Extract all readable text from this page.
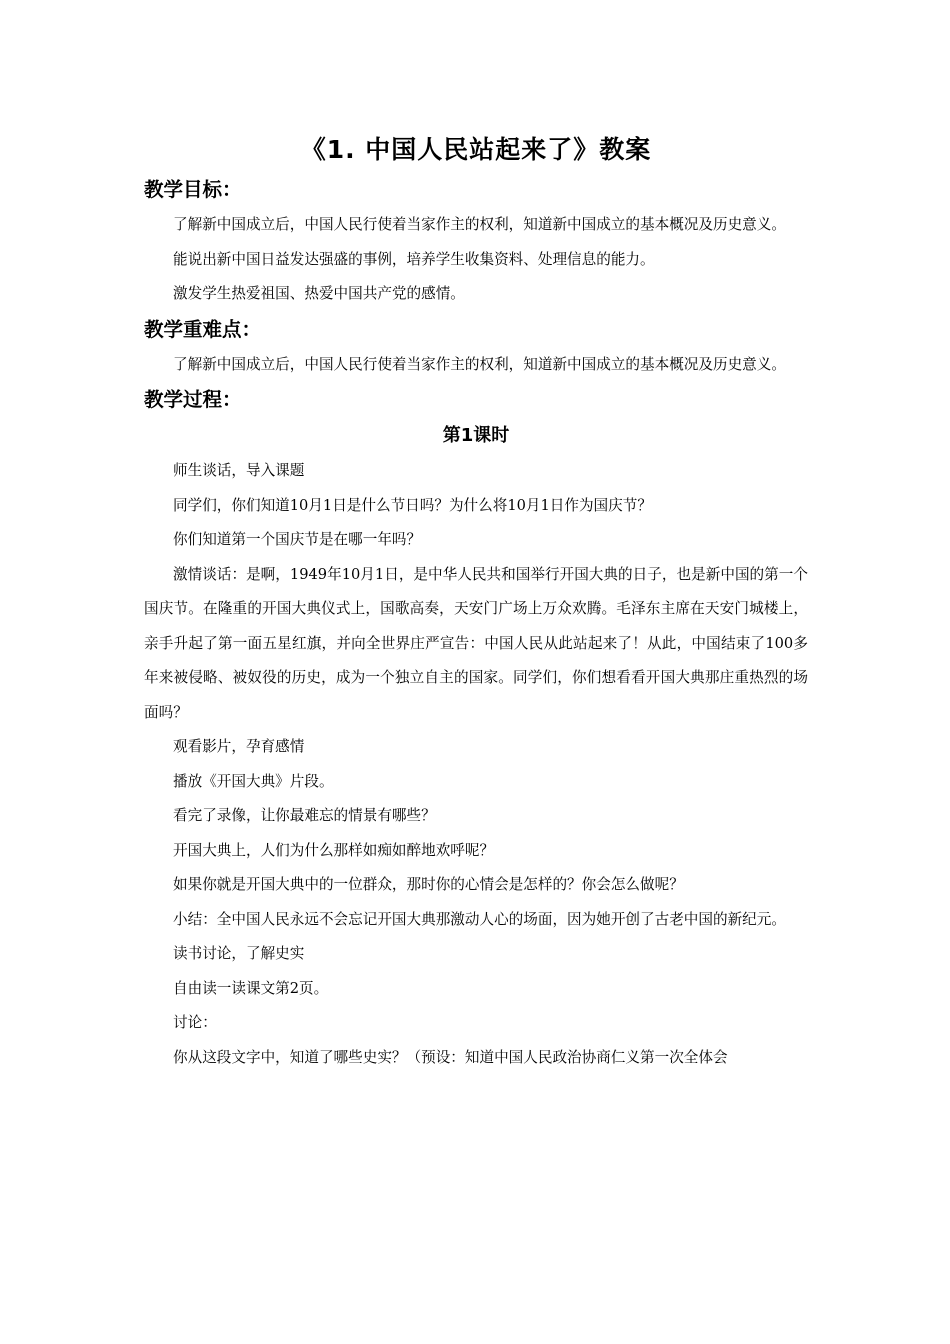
《1. 中国人民站起来了》教案
教学目标：

了解新中国成立后，中国人民行使着当家作主的权利，知道新中国成立的基本概况及历史意义。

能说出新中国日益发达强盛的事例，培养学生收集资料、处理信息的能力。

激发学生热爱祖国、热爱中国共产党的感情。

教学重难点：

了解新中国成立后，中国人民行使着当家作主的权利，知道新中国成立的基本概况及历史意义。

教学过程：
第1课时

师生谈话，导入课题

同学们，你们知道10月1日是什么节日吗？为什么将10月1日作为国庆节？

你们知道第一个国庆节是在哪一年吗？

激情谈话：是啊，1949年10月1日，是中华人民共和国举行开国大典的日子，也是新中国的第一个国庆节。在隆重的开国大典仪式上，国歌高奏，天安门广场上万众欢腾。毛泽东主席在天安门城楼上，亲手升起了第一面五星红旗，并向全世界庄严宣告：中国人民从此站起来了！从此，中国结束了100多年来被侵略、被奴役的历史，成为一个独立自主的国家。同学们，你们想看看开国大典那庄重热烈的场面吗？

观看影片，孕育感情

播放《开国大典》片段。

看完了录像，让你最难忘的情景有哪些？

开国大典上，人们为什么那样如痴如醉地欢呼呢？

如果你就是开国大典中的一位群众，那时你的心情会是怎样的？你会怎么做呢？

小结：全中国人民永远不会忘记开国大典那激动人心的场面，因为她开创了古老中国的新纪元。

读书讨论，了解史实

自由读一读课文第2页。

讨论：

你从这段文字中，知道了哪些史实？（预设：知道中国人民政治协商仁义第一次全体会
